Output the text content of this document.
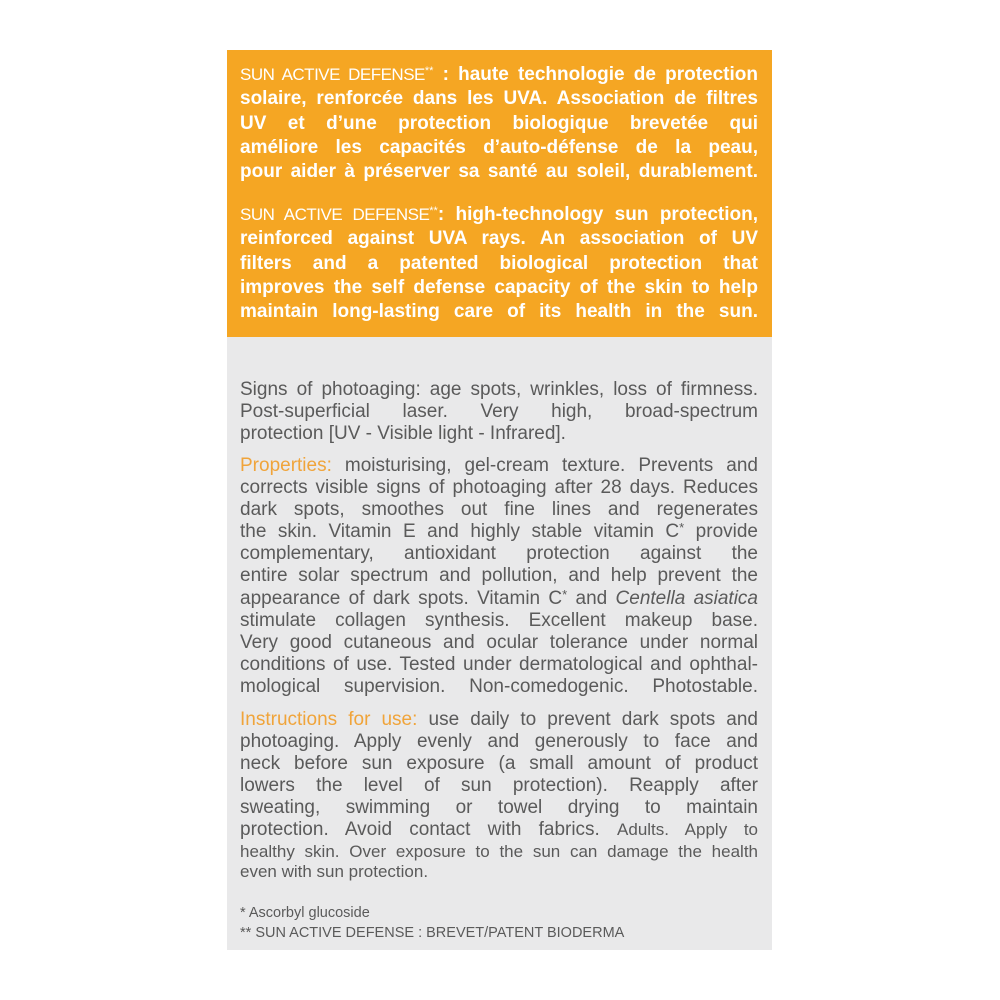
SUN ACTIVE DEFENSE** : haute technologie de protection
solaire, renforcée dans les UVA. Association de filtres
UV et d’une protection biologique brevetée qui
améliore les capacités d’auto-défense de la peau,
pour aider à préserver sa santé au soleil, durablement.
SUN ACTIVE DEFENSE**: high-technology sun protection,
reinforced against UVA rays. An association of UV
filters and a patented biological protection that
improves the self defense capacity of the skin to help
maintain long-lasting care of its health in the sun.
Signs of photoaging: age spots, wrinkles, loss of firmness.
Post-superficial laser. Very high, broad-spectrum
protection [UV - Visible light - Infrared].
Properties: moisturising, gel-cream texture. Prevents and
corrects visible signs of photoaging after 28 days. Reduces
dark spots, smoothes out fine lines and regenerates
the skin. Vitamin E and highly stable vitamin C* provide
complementary, antioxidant protection against the
entire solar spectrum and pollution, and help prevent the
appearance of dark spots. Vitamin C* and Centella asiatica
stimulate collagen synthesis. Excellent makeup base.
Very good cutaneous and ocular tolerance under normal
conditions of use. Tested under dermatological and ophthal-
mological supervision. Non-comedogenic. Photostable.
Instructions for use: use daily to prevent dark spots and
photoaging. Apply evenly and generously to face and
neck before sun exposure (a small amount of product
lowers the level of sun protection). Reapply after
sweating, swimming or towel drying to maintain
protection. Avoid contact with fabrics. Adults. Apply to
healthy skin. Over exposure to the sun can damage the health
even with sun protection.
* Ascorbyl glucoside
** SUN ACTIVE DEFENSE : BREVET/PATENT BIODERMA
